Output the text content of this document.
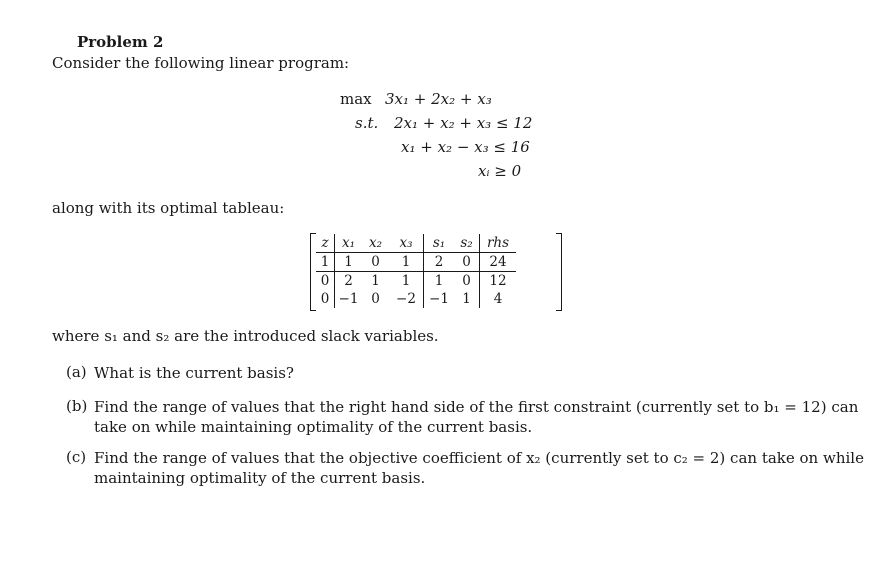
Problem 2
Consider the following linear program:
max 3x₁ + 2x₂ + x₃
s.t. 2x₁ + x₂ + x₃ ≤ 12
x₁ + x₂ − x₃ ≤ 16
xᵢ ≥ 0
along with its optimal tableau:
z	x₁	x₂	x₃	s₁	s₂	rhs
1	1	0	1	2	0	24
0	2	1	1	1	0	12
0	−1	0	−2	−1	1	4
where s₁ and s₂ are the introduced slack variables.
(a) What is the current basis?
(b) Find the range of values that the right hand side of the first constraint (currently set to b₁ = 12) can
take on while maintaining optimality of the current basis.
(c) Find the range of values that the objective coefficient of x₂ (currently set to c₂ = 2) can take on while
maintaining optimality of the current basis.
